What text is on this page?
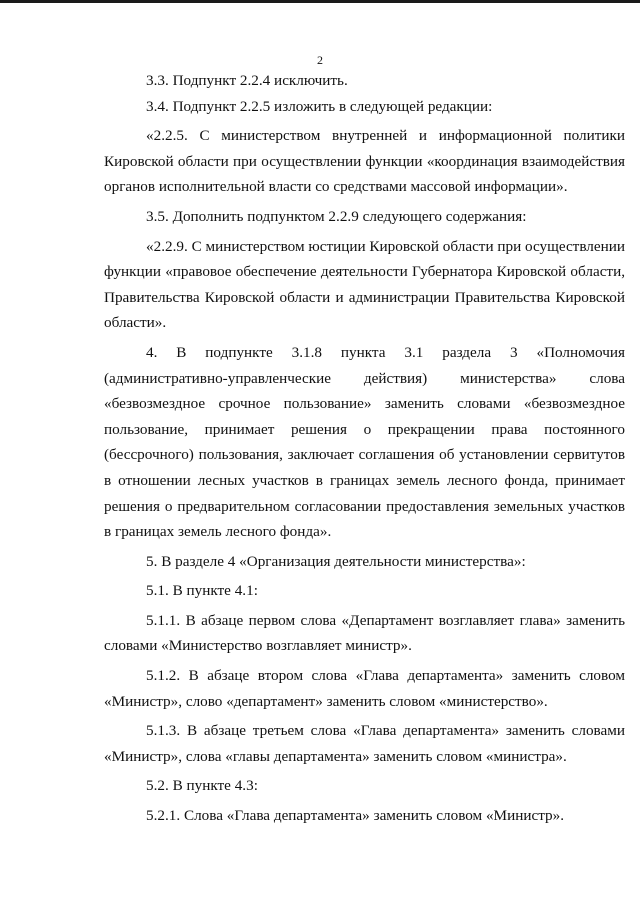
2

3.3. Подпункт 2.2.4 исключить.

3.4. Подпункт 2.2.5 изложить в следующей редакции:

«2.2.5. С министерством внутренней и информационной политики Кировской области при осуществлении функции «координация взаимодействия органов исполнительной власти со средствами массовой информации».

3.5. Дополнить подпунктом 2.2.9 следующего содержания:

«2.2.9. С министерством юстиции Кировской области при осуществлении функции «правовое обеспечение деятельности Губернатора Кировской области, Правительства Кировской области и администрации Правительства Кировской области».

4. В подпункте 3.1.8 пункта 3.1 раздела 3 «Полномочия (административно-управленческие действия) министерства» слова «безвозмездное срочное пользование» заменить словами «безвозмездное пользование, принимает решения о прекращении права постоянного (бессрочного) пользования, заключает соглашения об установлении сервитутов в отношении лесных участков в границах земель лесного фонда, принимает решения о предварительном согласовании предоставления земельных участков в границах земель лесного фонда».

5. В разделе 4 «Организация деятельности министерства»:

5.1. В пункте 4.1:

5.1.1. В абзаце первом слова «Департамент возглавляет глава» заменить словами «Министерство возглавляет министр».

5.1.2. В абзаце втором слова «Глава департамента» заменить словом «Министр», слово «департамент» заменить словом «министерство».

5.1.3. В абзаце третьем слова «Глава департамента» заменить словами «Министр», слова «главы департамента» заменить словом «министра».

5.2. В пункте 4.3:

5.2.1. Слова «Глава департамента» заменить словом «Министр».
